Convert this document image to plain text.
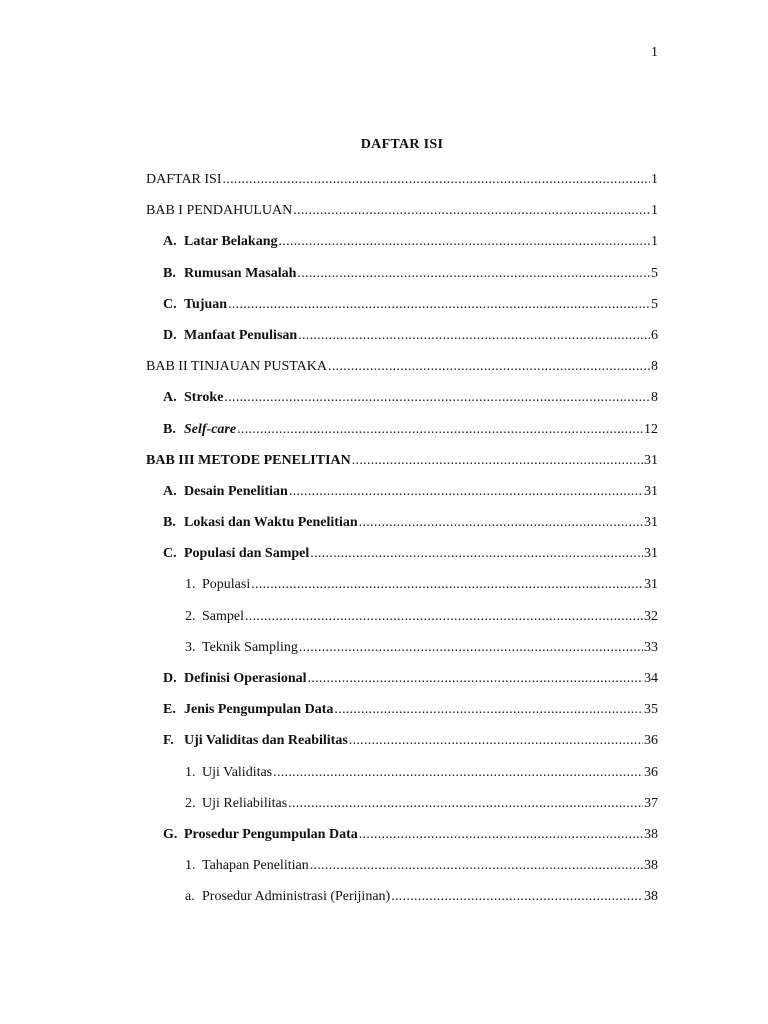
1
DAFTAR ISI
DAFTAR ISI .....	1
BAB I PENDAHULUAN .....	1
A. Latar Belakang .....	1
B. Rumusan Masalah .....	5
C. Tujuan .....	5
D. Manfaat Penulisan .....	6
BAB II TINJAUAN PUSTAKA .....	8
A. Stroke .....	8
B. Self-care .....	12
BAB III METODE PENELITIAN .....	31
A. Desain Penelitian .....	31
B. Lokasi dan Waktu Penelitian .....	31
C. Populasi dan Sampel .....	31
1. Populasi .....	31
2. Sampel .....	32
3. Teknik Sampling .....	33
D. Definisi Operasional .....	34
E. Jenis Pengumpulan Data .....	35
F. Uji Validitas dan Reabilitas .....	36
1. Uji Validitas .....	36
2. Uji Reliabilitas .....	37
G. Prosedur Pengumpulan Data .....	38
1. Tahapan Penelitian .....	38
a. Prosedur Administrasi (Perijinan) .....	38
